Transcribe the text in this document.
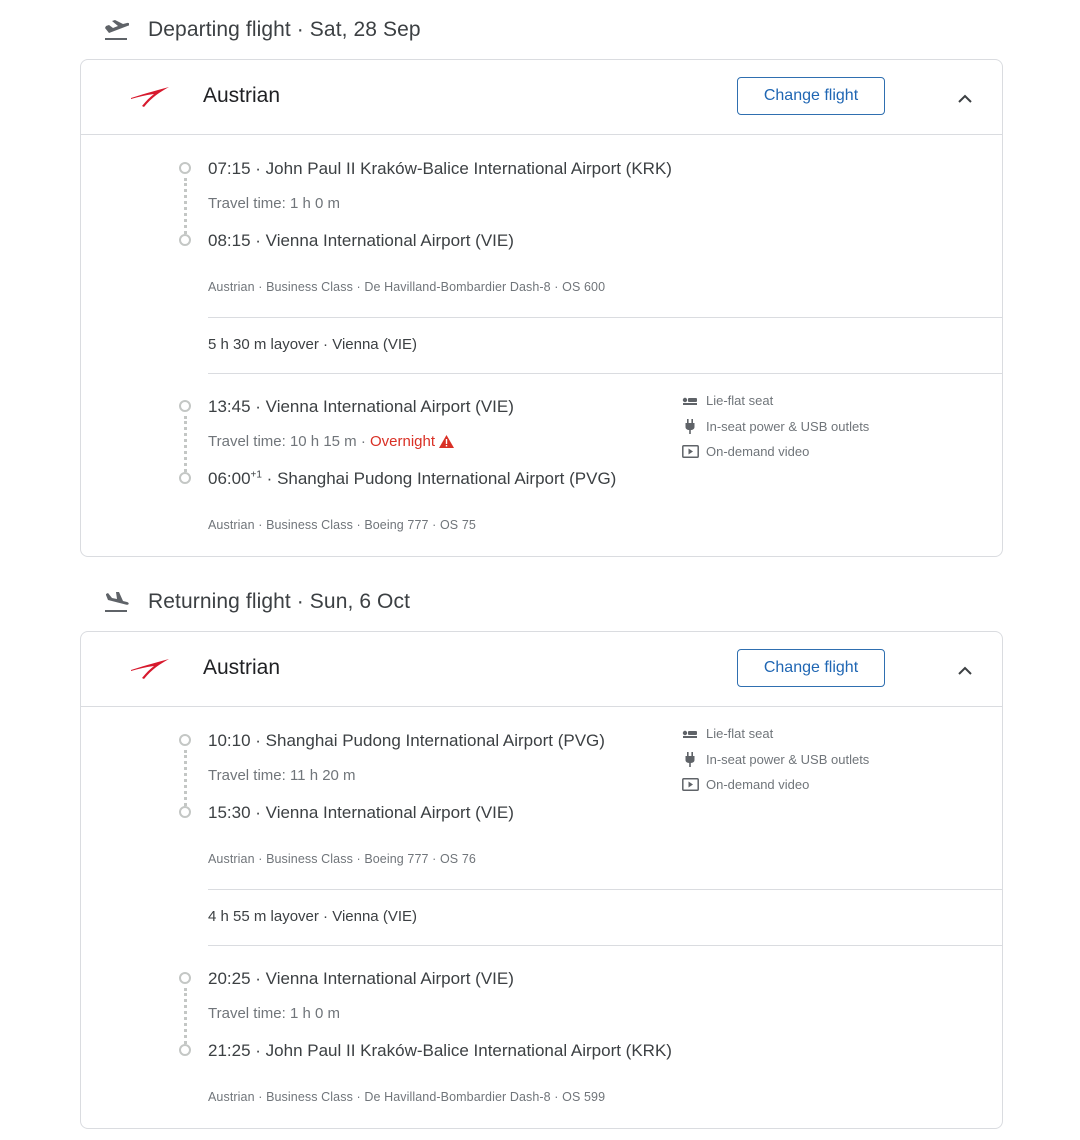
Departing flight · Sat, 28 Sep
Austrian	Change flight
07:15 · John Paul II Kraków-Balice International Airport (KRK)
Travel time: 1 h 0 m
08:15 · Vienna International Airport (VIE)
Austrian · Business Class · De Havilland-Bombardier Dash-8 · OS 600
5 h 30 m layover · Vienna (VIE)
13:45 · Vienna International Airport (VIE)
Travel time: 10 h 15 m · Overnight
$06:00^{+1}$ · Shanghai Pudong International Airport (PVG)
Austrian · Business Class · Boeing 777 · OS 75
Lie-flat seat
In-seat power & USB outlets
On-demand video
Returning flight · Sun, 6 Oct
Austrian	Change flight
10:10 · Shanghai Pudong International Airport (PVG)
Travel time: 11 h 20 m
15:30 · Vienna International Airport (VIE)
Austrian · Business Class · Boeing 777 · OS 76
Lie-flat seat
In-seat power & USB outlets
On-demand video
4 h 55 m layover · Vienna (VIE)
20:25 · Vienna International Airport (VIE)
Travel time: 1 h 0 m
21:25 · John Paul II Kraków-Balice International Airport (KRK)
Austrian · Business Class · De Havilland-Bombardier Dash-8 · OS 599
